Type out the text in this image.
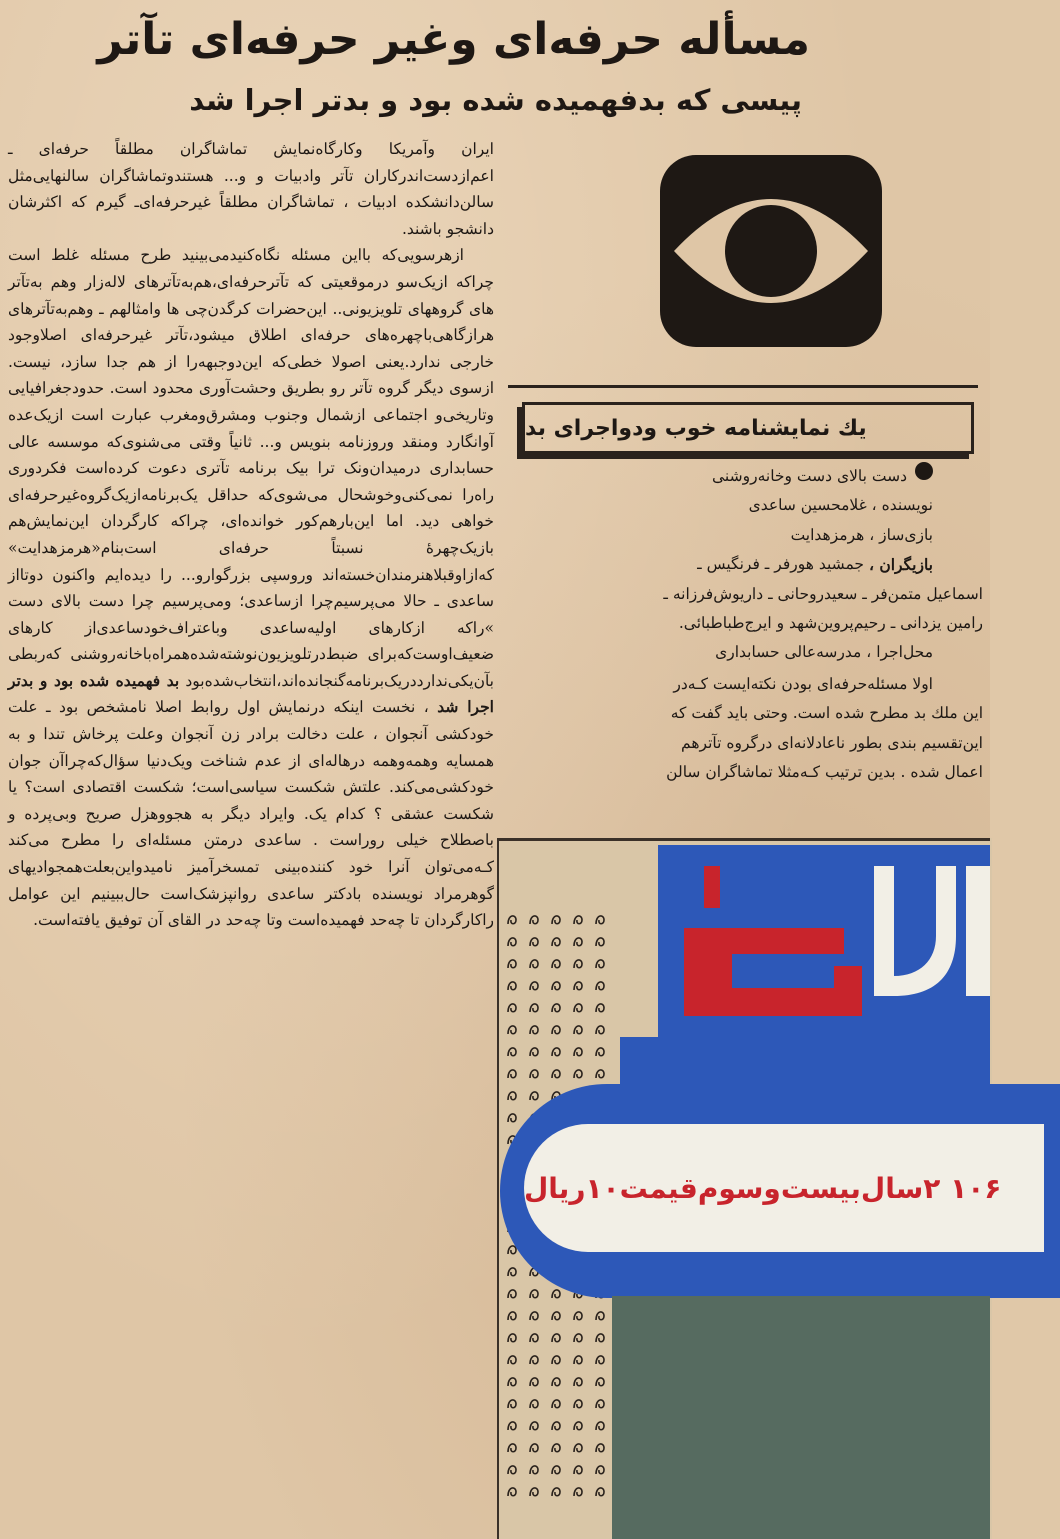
مسأله حرفه‌ای وغیر حرفه‌ای تآتر
پیسی که بدفهمیده شده بود و بدتر اجرا شد

ایران وآمریکا وکارگاه‌نمایش تماشاگران مطلقاً حرفه‌ای ـ اعم‌ازدست‌اندرکاران تآتر وادبیات و و... هستندوتماشاگران سالنهایی‌مثل سالن‌دانشکده ادبیات ، تماشاگران مطلقاً غیرحرفه‌ای‌ـ گیرم که اکثرشان دانشجو باشند.

ازهرسویی‌که بااین مسئله نگاه‌کنیدمی‌بینید طرح مسئله غلط است چراکه ازیک‌سو درموقعیتی که تآترحرفه‌ای،هم‌به‌تآترهای لاله‌زار وهم به‌تآتر های گروههای تلویزیونی.. این‌حضرات کرگدن‌چی ها وامثالهم ـ وهم‌به‌تآترهای هرازگاهی‌باچهره‌های حرفه‌ای اطلاق میشود،تآتر غیرحرفه‌ای اصلاوجود خارجی ندارد.یعنی اصولا خطی‌که این‌دوجبهه‌را از هم جدا سازد، نیست. ازسوی دیگر گروه تآتر رو بطریق وحشت‌آوری محدود است. حدودجغرافیایی وتاریخی‌و اجتماعی ازشمال وجنوب ومشرق‌ومغرب عبارت است ازیک‌عده آوانگارد ومنقد وروزنامه بنویس و... ثانیاً وقتی می‌شنوی‌که موسسه عالی حسابداری درمیدان‌ونک ترا بیک برنامه تآتری دعوت کرده‌است فکردوری راه‌را نمی‌کنی‌وخوشحال می‌شوی‌که حداقل یک‌برنامه‌ازیک‌گروه‌غیرحرفه‌ای خواهی دید. اما این‌بارهم‌کور خوانده‌ای، چراکه کارگردان این‌نمایش‌هم بازیک‌چهرهٔ نسبتاً حرفه‌ای است‌بنام«هرمزهدایت» که‌ازاوقبلاهنرمندان‌خسته‌اند وروسپی بزرگوارو... را دیده‌ایم واکنون دوتااز ساعدی ـ حالا می‌پرسیم‌چرا ازساعدی؛ ومی‌پرسیم چرا دست بالای دست »راکه ازکارهای اولیه‌ساعدی وباعتراف‌خودساعدی‌از کارهای ضعیف‌اوست‌که‌برای ضبط‌درتلویزیون‌نوشته‌شده‌همراه‌باخانه‌روشنی که‌ربطی بآن‌یکی‌ندارددریک‌برنامه‌گنجانده‌اند،انتخاب‌شده‌بود بد فهمیده شده بود و بدتر اجرا شد ، نخست اینکه درنمایش اول روابط اصلا نامشخص بود ـ علت خودکشی آنجوان ، علت دخالت برادر زن آنجوان وعلت پرخاش تندا و به همسایه وهمه‌وهمه درهاله‌ای از عدم شناخت ویک‌دنیا سؤال‌که‌چراآن جوان خودکشی‌می‌کند. علتش شکست سیاسی‌است؛ شکست اقتصادی است؟ یا شکست عشقی ؟ کدام یک. وایراد دیگر به هجووهزل صریح وبی‌پرده و باصطلاح خیلی روراست . ساعدی درمتن مسئله‌ای را مطرح می‌کند کـه‌می‌توان آنرا خود کننده‌بینی تمسخرآمیز نامیدواین‌بعلت‌همجوادیهای گوهرمراد نویسنده بادکتر ساعدی روانپزشک‌است حال‌ببینیم این عوامل راکارگردان تا چه‌حد فهمیده‌است وتا چه‌حد در القای آن توفیق یافته‌است.

یك نمایشنامه خوب ودواجرای بد
دست بالای دست وخانه‌روشنی
نویسنده ، غلامحسین ساعدی
بازی‌ساز ، هرمزهدایت
بازیگران ،

جمشید هورفر ـ فرنگیس ـ
اسماعیل متمن‌فر ـ سعیدروحانی ـ داریوش‌فرزانه ـ
رامین یزدانی ـ رحیم‌پروین‌شهد و ایرج‌طباطبائی.
محل‌اجرا ، مدرسه‌عالی حسابداری
اولا مسئله‌حرفه‌ای بودن نکته‌ایست کـه‌در
این ملك بد مطرح شده است. وحتی باید گفت که
این‌تقسیم بندی بطور ناعادلانه‌ای درگروه تآترهم
اعمال شده . بدین ترتیب کـه‌مثلا تماشاگران سالن
۱۰۶ ۲سال‌بیست‌وسوم‌قیمت۱۰ریال
